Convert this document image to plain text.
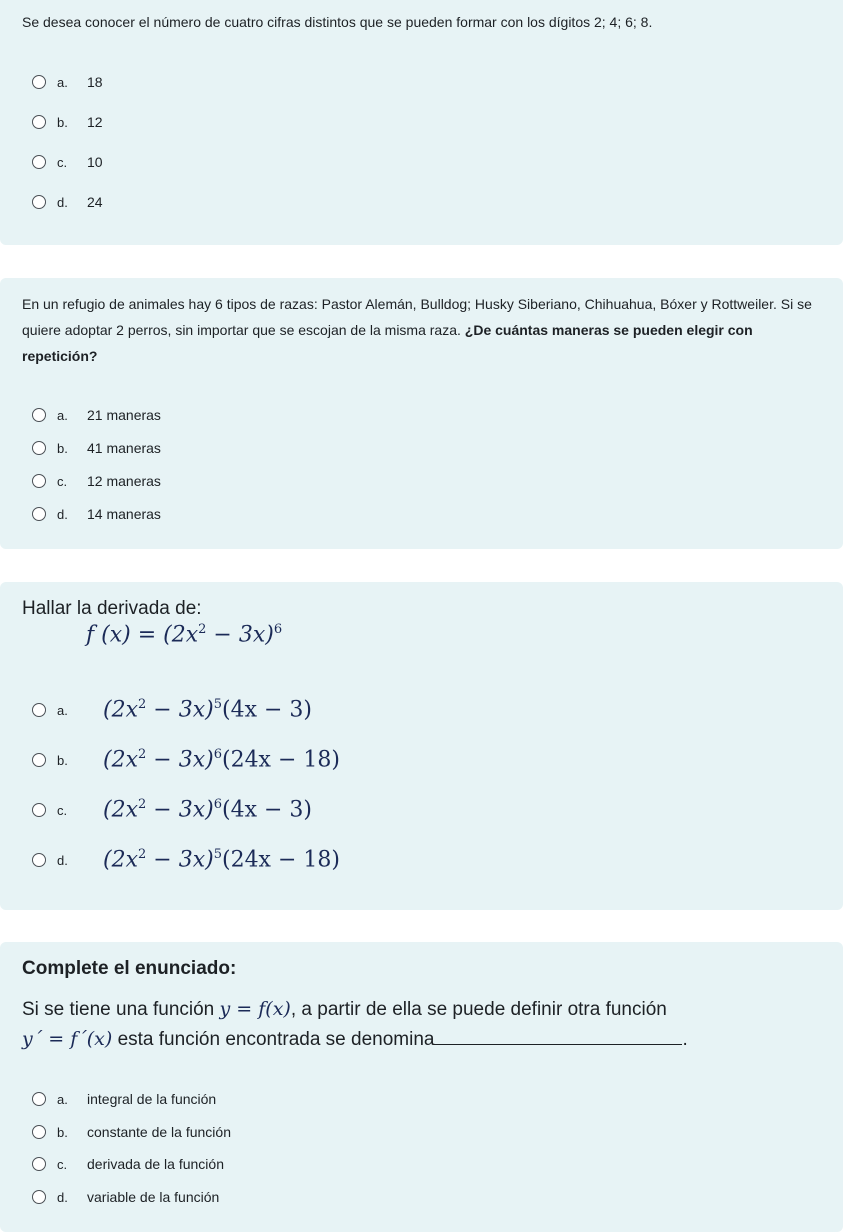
Se desea conocer el número de cuatro cifras distintos que se pueden formar con los dígitos 2; 4; 6; 8.
a.	18
b.	12
c.	10
d.	24
En un refugio de animales hay 6 tipos de razas: Pastor Alemán, Bulldog; Husky Siberiano, Chihuahua, Bóxer y Rottweiler. Si se quiere adoptar 2 perros, sin importar que se escojan de la misma raza. ¿De cuántas maneras se pueden elegir con repetición?
a.	21 maneras
b.	41 maneras
c.	12 maneras
d.	14 maneras
Hallar la derivada de:
f $(x) = (2x^2 - 3x)^6$
a.	$(2x^2 - 3x)^5(4x - 3)$
b.	$(2x^2 - 3x)^6(24x - 18)$
c.	$(2x^2 - 3x)^6(4x - 3)$
d.	$(2x^2 - 3x)^5(24x - 18)$
Complete el enunciado:
Si se tiene una función y = f(x), a partir de ella se puede definir otra función
y´ = f´(x) esta función encontrada se denomina	.
a.	integral de la función
b.	constante de la función
c.	derivada de la función
d.	variable de la función
